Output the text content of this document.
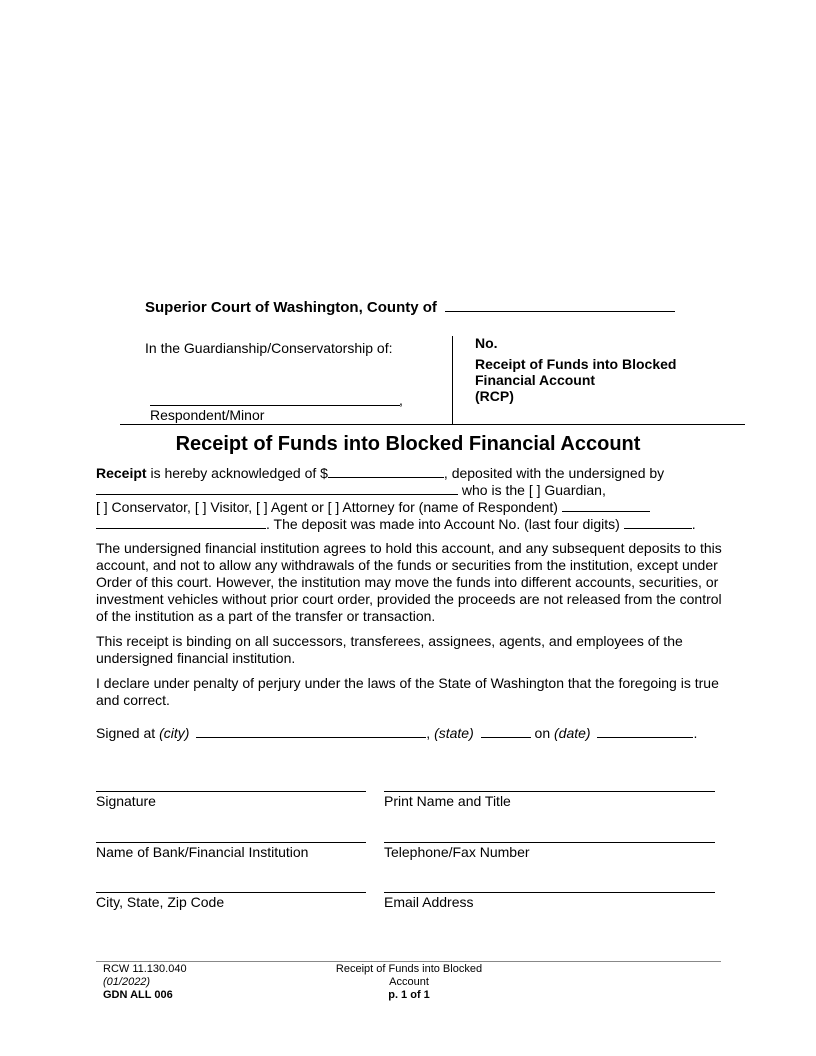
Superior Court of Washington, County of
In the Guardianship/Conservatorship of:
,
Respondent/Minor
No.
Receipt of Funds into Blocked
Financial Account
(RCP)
Receipt of Funds into Blocked Financial Account
Receipt is hereby acknowledged of $	, deposited with the undersigned by
who is the [ ] Guardian,
[ ] Conservator, [ ] Visitor, [ ] Agent or [ ] Attorney for (name of Respondent)
. The deposit was made into Account No. (last four digits)	.
The undersigned financial institution agrees to hold this account, and any subsequent deposits to this account, and not to allow any withdrawals of the funds or securities from the institution, except under Order of this court. However, the institution may move the funds into different accounts, securities, or investment vehicles without prior court order, provided the proceeds are not released from the control of the institution as a part of the transfer or transaction.
This receipt is binding on all successors, transferees, assignees, agents, and employees of the undersigned financial institution.
I declare under penalty of perjury under the laws of the State of Washington that the foregoing is true and correct.
Signed at (city)	, (state)	on (date)	.
Signature	Print Name and Title
Name of Bank/Financial Institution	Telephone/Fax Number
City, State, Zip Code	Email Address
RCW 11.130.040
(01/2022)
GDN ALL 006
Receipt of Funds into Blocked
Account
p. 1 of 1
